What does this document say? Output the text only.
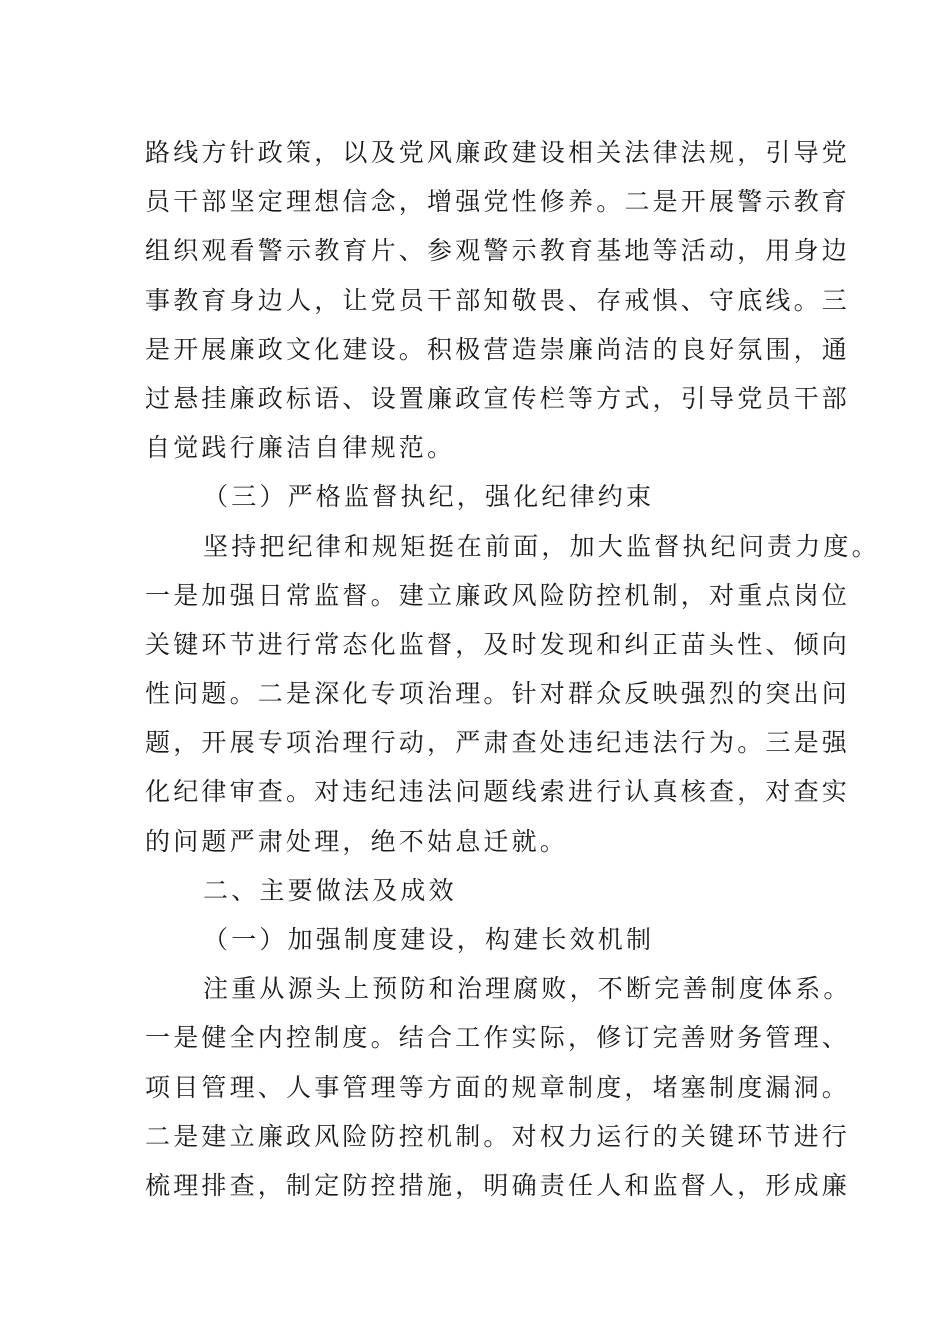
路线方针政策，以及党风廉政建设相关法律法规，引导党
员干部坚定理想信念，增强党性修养。二是开展警示教育
组织观看警示教育片、参观警示教育基地等活动，用身边
事教育身边人，让党员干部知敬畏、存戒惧、守底线。三
是开展廉政文化建设。积极营造崇廉尚洁的良好氛围，通
过悬挂廉政标语、设置廉政宣传栏等方式，引导党员干部
自觉践行廉洁自律规范。
（三）严格监督执纪，强化纪律约束
坚持把纪律和规矩挺在前面，加大监督执纪问责力度。
一是加强日常监督。建立廉政风险防控机制，对重点岗位
关键环节进行常态化监督，及时发现和纠正苗头性、倾向
性问题。二是深化专项治理。针对群众反映强烈的突出问
题，开展专项治理行动，严肃查处违纪违法行为。三是强
化纪律审查。对违纪违法问题线索进行认真核查，对查实
的问题严肃处理，绝不姑息迁就。
二、主要做法及成效
（一）加强制度建设，构建长效机制
注重从源头上预防和治理腐败，不断完善制度体系。
一是健全内控制度。结合工作实际，修订完善财务管理、
项目管理、人事管理等方面的规章制度，堵塞制度漏洞。
二是建立廉政风险防控机制。对权力运行的关键环节进行
梳理排查，制定防控措施，明确责任人和监督人，形成廉
